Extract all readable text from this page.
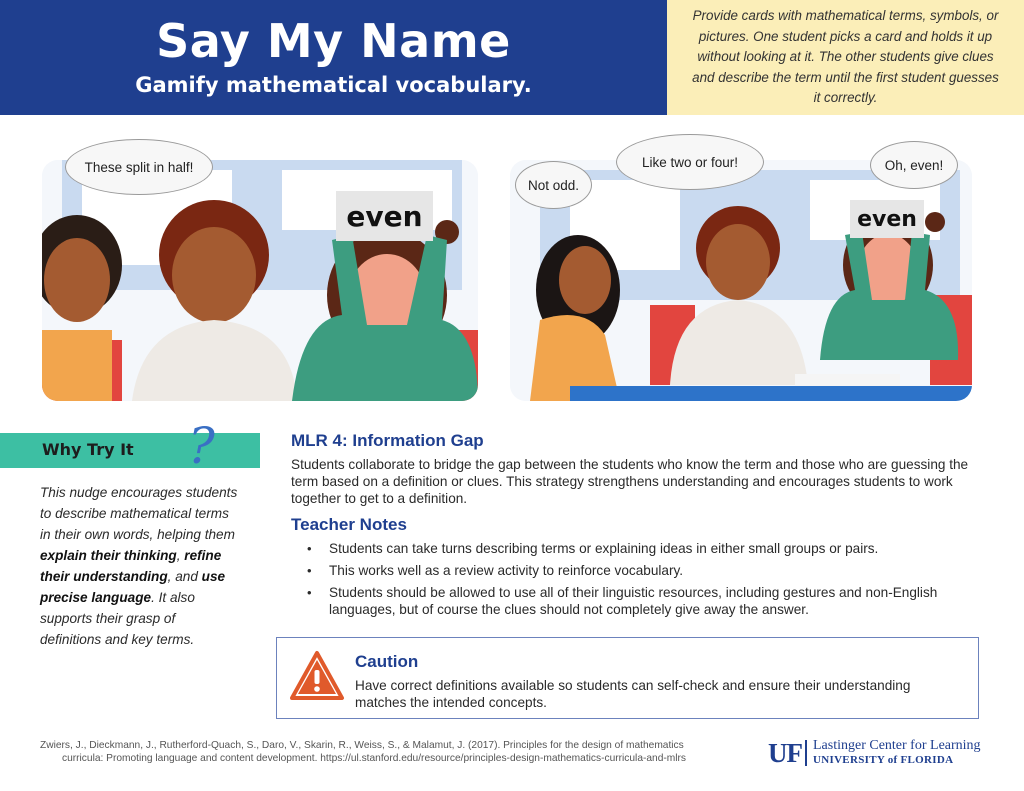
Say My Name
Gamify mathematical vocabulary.
Provide cards with mathematical terms, symbols, or pictures. One student picks a card and holds it up without looking at it. The other students give clues and describe the term until the first student guesses it correctly.
These split in half!
even
Not odd.
Like two or four!	Oh, even!
even
Why Try It ?
This nudge encourages students to describe mathematical terms in their own words, helping them explain their thinking, refine their understanding, and use precise language. It also supports their grasp of definitions and key terms.
MLR 4: Information Gap
Students collaborate to bridge the gap between the students who know the term and those who are guessing the term based on a definition or clues. This strategy strengthens understanding and encourages students to work together to get to a definition.
Teacher Notes
• Students can take turns describing terms or explaining ideas in either small groups or pairs.
• This works well as a review activity to reinforce vocabulary.
• Students should be allowed to use all of their linguistic resources, including gestures and non-English languages, but of course the clues should not completely give away the answer.
Caution
Have correct definitions available so students can self-check and ensure their understanding matches the intended concepts.
Zwiers, J., Dieckmann, J., Rutherford-Quach, S., Daro, V., Skarin, R., Weiss, S., & Malamut, J. (2017). Principles for the design of mathematics
curricula: Promoting language and content development. https://ul.stanford.edu/resource/principles-design-mathematics-curricula-and-mlrs	UF Lastinger Center for Learning
UNIVERSITY of FLORIDA
